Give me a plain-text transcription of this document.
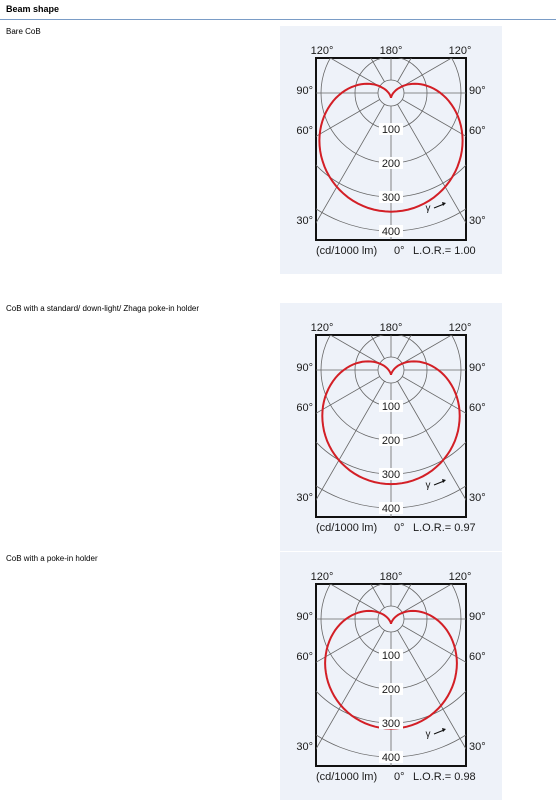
Beam shape
Bare CoB
120°	180°	120°
90°	90°
60°	60°
30°	30°
100
200
300
400
γ
(cd/1000 lm) 0° L.O.R.= 1.00
CoB with a standard/ down-light/ Zhaga poke-in holder
120°	180°	120°
90°	90°
60°	60°
30°	30°
100
200
300
400
γ
(cd/1000 lm) 0° L.O.R.= 0.97
CoB with a poke-in holder
120°	180°	120°
90°	90°
60°	60°
30°	30°
100
200
300
400
γ
(cd/1000 lm) 0° L.O.R.= 0.98
